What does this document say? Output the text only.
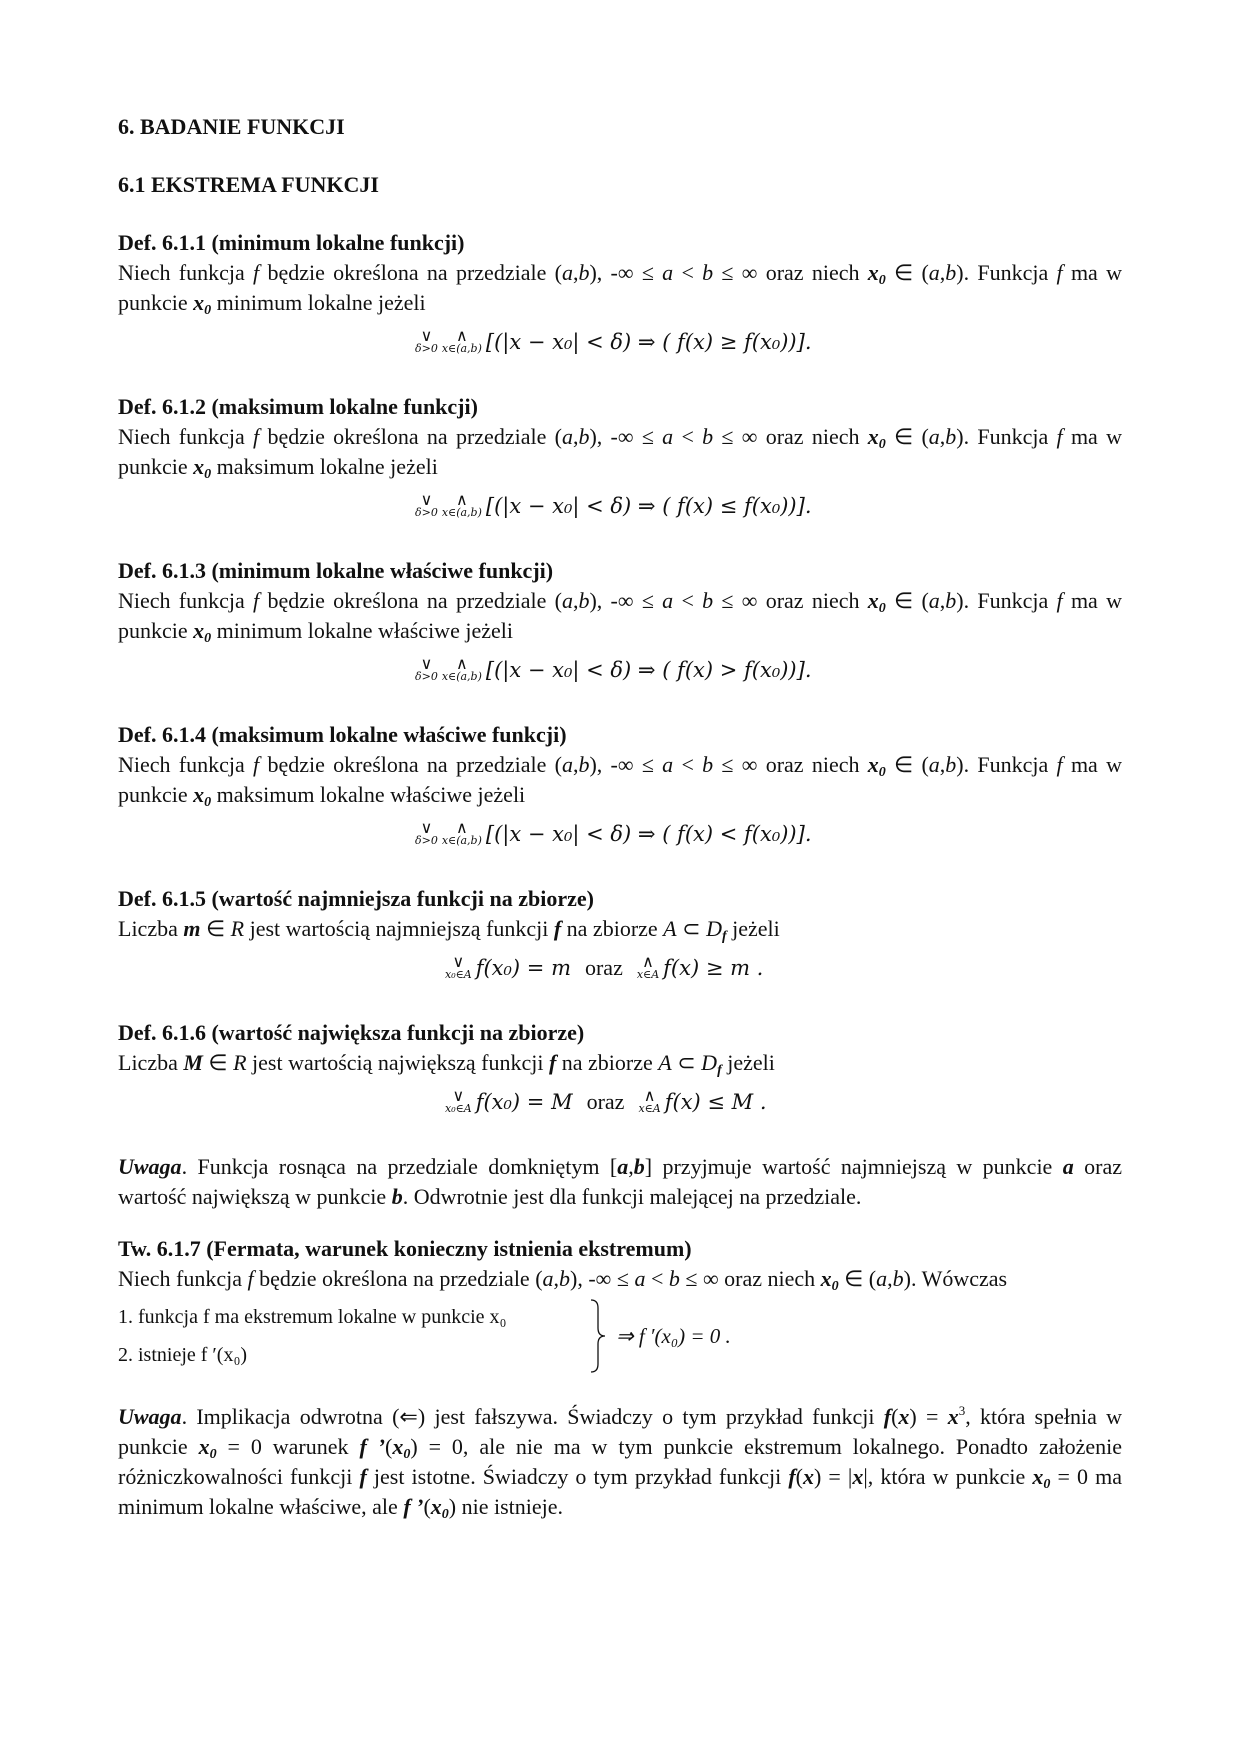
6. BADANIE FUNKCJI
6.1 EKSTREMA FUNKCJI
Def. 6.1.1 (minimum lokalne funkcji)
Niech funkcja f będzie określona na przedziale (a,b), -∞ ≤ a < b ≤ ∞ oraz niech $x_0$ ∈ (a,b). Funkcja f ma w punkcie $x_0$ minimum lokalne jeżeli
∨
δ>0
∧
x∈(a,b) [(|x − x₀| < δ) ⇒ ( f(x) ≥ f(x₀))].
Def. 6.1.2 (maksimum lokalne funkcji)
Niech funkcja f będzie określona na przedziale (a,b), -∞ ≤ a < b ≤ ∞ oraz niech $x_0$ ∈ (a,b). Funkcja f ma w punkcie $x_0$ maksimum lokalne jeżeli
∨
δ>0
∧
x∈(a,b) [(|x − x₀| < δ) ⇒ ( f(x) ≤ f(x₀))].
Def. 6.1.3 (minimum lokalne właściwe funkcji)
Niech funkcja f będzie określona na przedziale (a,b), -∞ ≤ a < b ≤ ∞ oraz niech $x_0$ ∈ (a,b). Funkcja f ma w punkcie $x_0$ minimum lokalne właściwe jeżeli
∨
δ>0
∧
x∈(a,b) [(|x − x₀| < δ) ⇒ ( f(x) > f(x₀))].
Def. 6.1.4 (maksimum lokalne właściwe funkcji)
Niech funkcja f będzie określona na przedziale (a,b), -∞ ≤ a < b ≤ ∞ oraz niech $x_0$ ∈ (a,b). Funkcja f ma w punkcie $x_0$ maksimum lokalne właściwe jeżeli
∨
δ>0
∧
x∈(a,b) [(|x − x₀| < δ) ⇒ ( f(x) < f(x₀))].
Def. 6.1.5 (wartość najmniejsza funkcji na zbiorze)
Liczba m ∈ R jest wartością najmniejszą funkcji f na zbiorze A ⊂ $D_f$ jeżeli
∨
x₀∈A f(x₀) = m oraz ∧
x∈A f(x) ≥ m .
Def. 6.1.6 (wartość największa funkcji na zbiorze)
Liczba M ∈ R jest wartością największą funkcji f na zbiorze A ⊂ $D_f$ jeżeli
∨
x₀∈A f(x₀) = M oraz ∧
x∈A f(x) ≤ M .
Uwaga. Funkcja rosnąca na przedziale domkniętym [a,b] przyjmuje wartość najmniejszą w punkcie a oraz wartość największą w punkcie b. Odwrotnie jest dla funkcji malejącej na przedziale.
Tw. 6.1.7 (Fermata, warunek konieczny istnienia ekstremum)
Niech funkcja f będzie określona na przedziale (a,b), -∞ ≤ a < b ≤ ∞ oraz niech $x_0$ ∈ (a,b). Wówczas
1. funkcja f ma ekstremum lokalne w punkcie x₀
2. istnieje f ′(x₀)
⇒ f ′(x₀) = 0 .
Uwaga. Implikacja odwrotna (⇐) jest fałszywa. Świadczy o tym przykład funkcji $f(x) = x^3$, która spełnia w punkcie $x_0 = 0$ warunek f $’(x_0) = 0$, ale nie ma w tym punkcie ekstremum lokalnego. Ponadto założenie różniczkowalności funkcji f jest istotne. Świadczy o tym przykład funkcji f(x) = |x|, która w punkcie $x_0 = 0$ ma minimum lokalne właściwe, ale f $’(x_0)$ nie istnieje.
